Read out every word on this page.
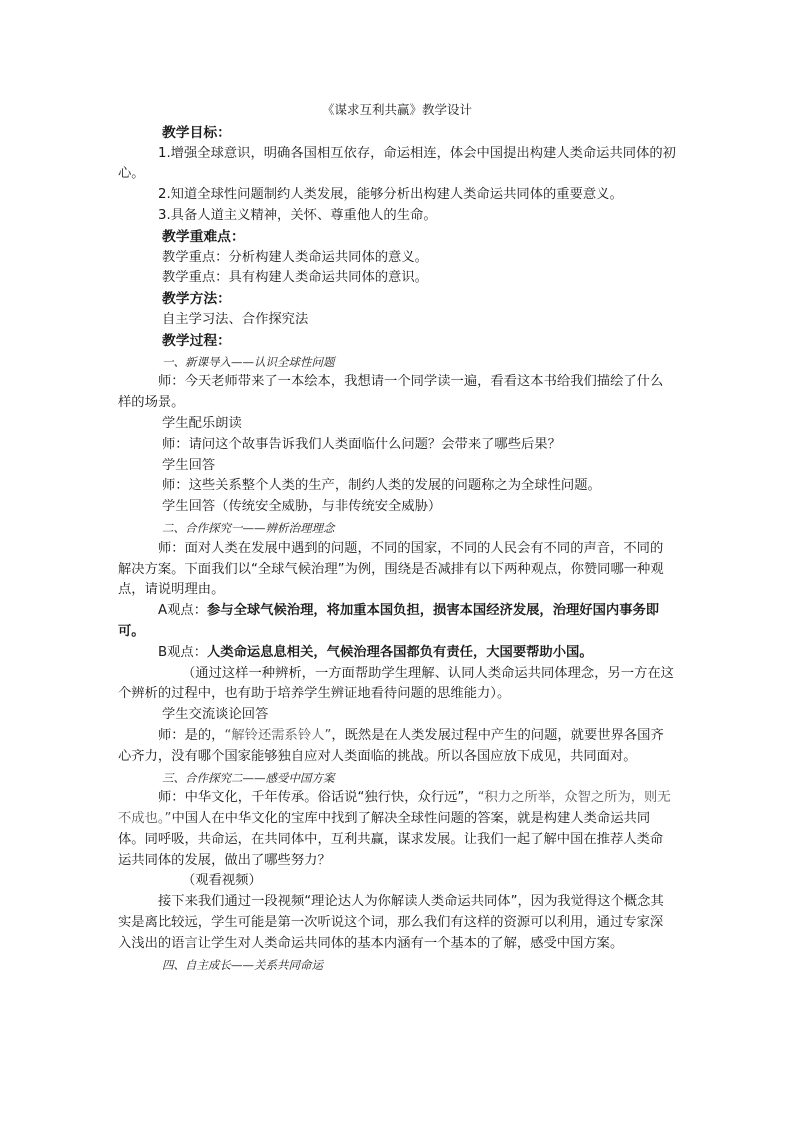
《谋求互利共赢》教学设计

教学目标：

1.增强全球意识，明确各国相互依存，命运相连，体会中国提出构建人类命运共同体的初心。

2.知道全球性问题制约人类发展，能够分析出构建人类命运共同体的重要意义。

3.具备人道主义精神，关怀、尊重他人的生命。

教学重难点：

教学重点：分析构建人类命运共同体的意义。

教学重点：具有构建人类命运共同体的意识。

教学方法：

自主学习法、合作探究法

教学过程：

一、新课导入——认识全球性问题

师：今天老师带来了一本绘本，我想请一个同学读一遍，看看这本书给我们描绘了什么样的场景。

学生配乐朗读

师：请问这个故事告诉我们人类面临什么问题？会带来了哪些后果？

学生回答

师：这些关系整个人类的生产，制约人类的发展的问题称之为全球性问题。

学生回答（传统安全威胁，与非传统安全威胁）

二、合作探究一——辨析治理理念

师：面对人类在发展中遇到的问题，不同的国家，不同的人民会有不同的声音，不同的解决方案。下面我们以“全球气候治理”为例，围绕是否减排有以下两种观点，你赞同哪一种观点，请说明理由。

A观点：参与全球气候治理，将加重本国负担，损害本国经济发展，治理好国内事务即可。

B观点：人类命运息息相关，气候治理各国都负有责任，大国要帮助小国。

（通过这样一种辨析，一方面帮助学生理解、认同人类命运共同体理念，另一方在这个辨析的过程中，也有助于培养学生辨证地看待问题的思维能力）。

学生交流谈论回答

师：是的，“解铃还需系铃人”，既然是在人类发展过程中产生的问题，就要世界各国齐心齐力，没有哪个国家能够独自应对人类面临的挑战。所以各国应放下成见，共同面对。

三、合作探究二——感受中国方案

师：中华文化，千年传承。俗话说“独行快，众行远”，“积力之所举，众智之所为，则无不成也。”中国人在中华文化的宝库中找到了解决全球性问题的答案，就是构建人类命运共同体。同呼吸，共命运，在共同体中，互利共赢，谋求发展。让我们一起了解中国在推荐人类命运共同体的发展，做出了哪些努力？

（观看视频）

接下来我们通过一段视频“理论达人为你解读人类命运共同体”，因为我觉得这个概念其实是离比较远，学生可能是第一次听说这个词，那么我们有这样的资源可以利用，通过专家深入浅出的语言让学生对人类命运共同体的基本内涵有一个基本的了解，感受中国方案。

四、自主成长——关系共同命运
